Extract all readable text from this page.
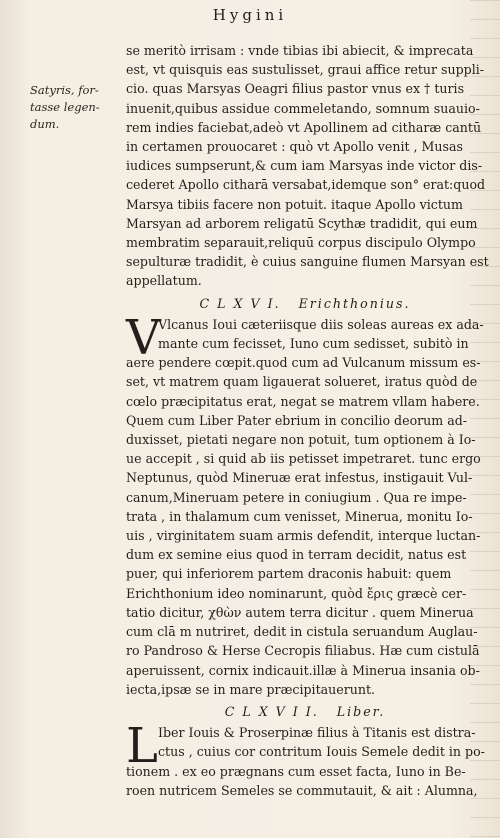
Hygini
Satyris, for-
tasse legen-
dum.
se meritò irrisam : vnde tibias ibi abiecit, & imprecata
est, vt quisquis eas sustulisset, graui affice retur suppli-
cio. quas Marsyas Oeagri filius pastor vnus ex † turis
inuenit,quibus assidue commeletando, somnum suauio-
rem indies faciebat,adeò vt Apollinem ad citharæ cantū
in certamen prouocaret : quò vt Apollo venit , Musas
iudices sumpserunt,& cum iam Marsyas inde victor dis-
cederet Apollo citharā versabat,idemque son° erat:quod
Marsya tibiis facere non potuit. itaque Apollo victum
Marsyan ad arborem religatū Scythæ tradidit, qui eum
membratim separauit,reliquū corpus discipulo Olympo
sepulturæ tradidit, è cuius sanguine flumen Marsyan est
appellatum.
C L X V I. Erichthonius.
V
Vlcanus Ioui cæteriisque diis soleas aureas ex ada-
mante cum fecisset, Iuno cum sedisset, subitò in
aere pendere cœpit.quod cum ad Vulcanum missum es-
set, vt matrem quam ligauerat solueret, iratus quòd de
cœlo præcipitatus erat, negat se matrem vllam habere.
Quem cum Liber Pater ebrium in concilio deorum ad-
duxisset, pietati negare non potuit, tum optionem à Io-
ue accepit , si quid ab iis petisset impetraret. tunc ergo
Neptunus, quòd Mineruæ erat infestus, instigauit Vul-
canum,Mineruam petere in coniugium . Qua re impe-
trata , in thalamum cum venisset, Minerua, monitu Io-
uis , virginitatem suam armis defendit, interque luctan-
dum ex semine eius quod in terram decidit, natus est
puer, qui inferiorem partem draconis habuit: quem
Erichthonium ideo nominarunt, quòd ἔρις græcè cer-
tatio dicitur, χθὼν autem terra dicitur . quem Minerua
cum clā m nutriret, dedit in cistula seruandum Auglau-
ro Pandroso & Herse Cecropis filiabus. Hæ cum cistulā
aperuissent, cornix indicauit.illæ à Minerua insania ob-
iecta,ipsæ se in mare præcipitauerunt.
C L X V I I. Liber.
L Iber Iouis & Proserpinæ filius à Titanis est distra-
ctus , cuius cor contritum Iouis Semele dedit in po-
tionem . ex eo prægnans cum esset facta, Iuno in Be-
roen nutricem Semeles se commutauit, & ait : Alumna,
